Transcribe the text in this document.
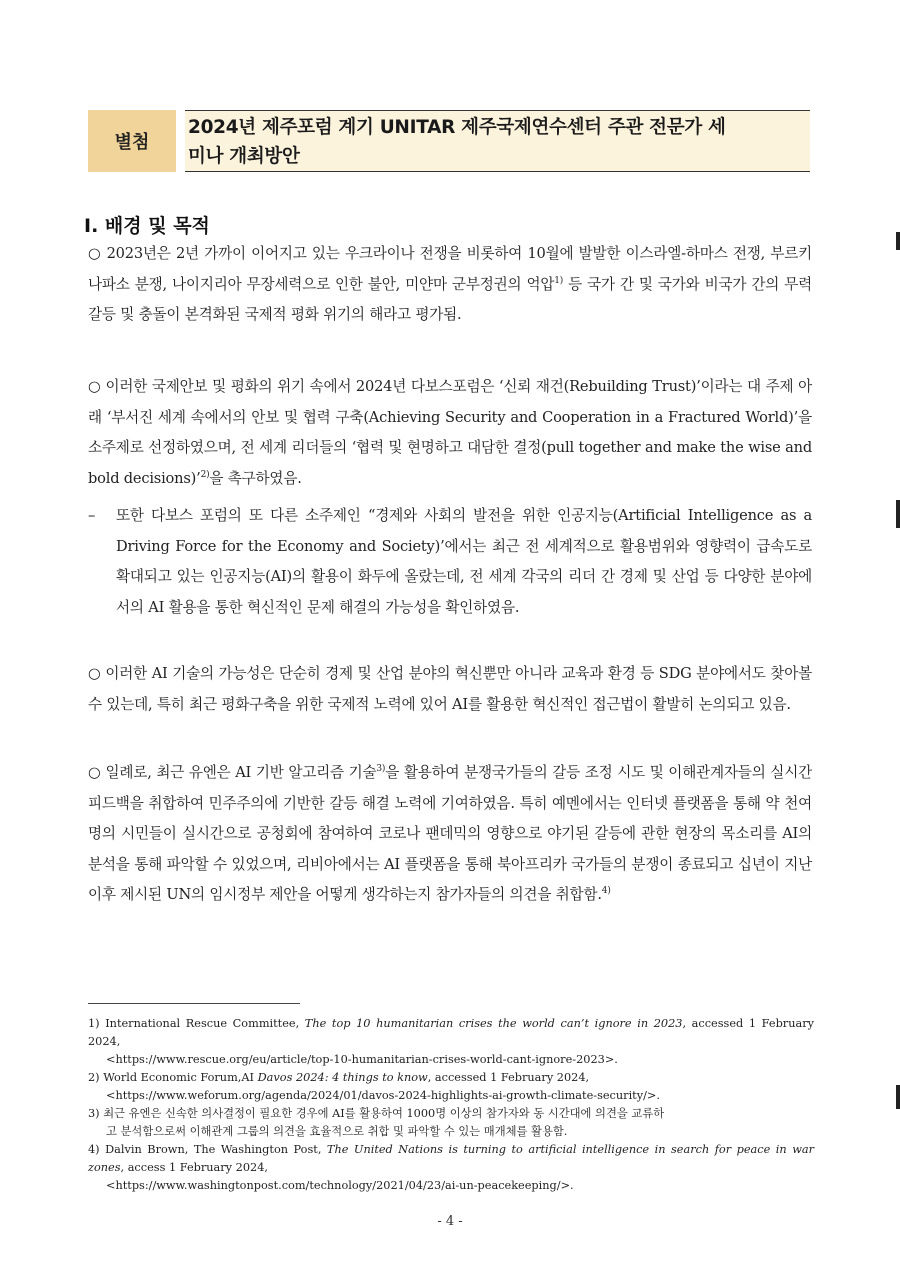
별첨
2024년 제주포럼 계기 UNITAR 제주국제연수센터 주관 전문가 세
미나 개최방안
Ⅰ. 배경 및 목적
○ 2023년은 2년 가까이 이어지고 있는 우크라이나 전쟁을 비롯하여 10월에 발발한 이스라엘-하마스 전쟁, 부르키나파소 분쟁, 나이지리아 무장세력으로 인한 불안, 미얀마 군부정권의 억압$^{1)}$ 등 국가 간 및 국가와 비국가 간의 무력 갈등 및 충돌이 본격화된 국제적 평화 위기의 해라고 평가됨.
○ 이러한 국제안보 및 평화의 위기 속에서 2024년 다보스포럼은 ‘신뢰 재건(Rebuilding Trust)’이라는 대 주제 아래 ‘부서진 세계 속에서의 안보 및 협력 구축(Achieving Security and Cooperation in a Fractured World)’을 소주제로 선정하였으며, 전 세계 리더들의 ‘협력 및 현명하고 대담한 결정(pull together and make the wise and bold decisions)’$^{2)}$을 촉구하였음.
– 또한 다보스 포럼의 또 다른 소주제인 “경제와 사회의 발전을 위한 인공지능(Artificial Intelligence as a Driving Force for the Economy and Society)’에서는 최근 전 세계적으로 활용범위와 영향력이 급속도로 확대되고 있는 인공지능(AI)의 활용이 화두에 올랐는데, 전 세계 각국의 리더 간 경제 및 산업 등 다양한 분야에서의 AI 활용을 통한 혁신적인 문제 해결의 가능성을 확인하였음.
○ 이러한 AI 기술의 가능성은 단순히 경제 및 산업 분야의 혁신뿐만 아니라 교육과 환경 등 SDG 분야에서도 찾아볼 수 있는데, 특히 최근 평화구축을 위한 국제적 노력에 있어 AI를 활용한 혁신적인 접근법이 활발히 논의되고 있음.
○ 일례로, 최근 유엔은 AI 기반 알고리즘 기술$^{3)}$을 활용하여 분쟁국가들의 갈등 조정 시도 및 이해관계자들의 실시간 피드백을 취합하여 민주주의에 기반한 갈등 해결 노력에 기여하였음. 특히 예멘에서는 인터넷 플랫폼을 통해 약 천여 명의 시민들이 실시간으로 공청회에 참여하여 코로나 팬데믹의 영향으로 야기된 갈등에 관한 현장의 목소리를 AI의 분석을 통해 파악할 수 있었으며, 리비아에서는 AI 플랫폼을 통해 북아프리카 국가들의 분쟁이 종료되고 십년이 지난 이후 제시된 UN의 임시정부 제안을 어떻게 생각하는지 참가자들의 의견을 취합함.$^{4)}$
1) International Rescue Committee, The top 10 humanitarian crises the world can’t ignore in 2023, accessed 1 February 2024,
<https://www.rescue.org/eu/article/top-10-humanitarian-crises-world-cant-ignore-2023>.
2) World Economic Forum,AI Davos 2024: 4 things to know, accessed 1 February 2024,
<https://www.weforum.org/agenda/2024/01/davos-2024-highlights-ai-growth-climate-security/>.
3) 최근 유엔은 신속한 의사결정이 필요한 경우에 AI를 활용하여 1000명 이상의 참가자와 동 시간대에 의견을 교류하
고 분석함으로써 이해관계 그룹의 의견을 효율적으로 취합 및 파악할 수 있는 매개체를 활용함.
4) Dalvin Brown, The Washington Post, The United Nations is turning to artificial intelligence in search for peace in war zones, access 1 February 2024,
<https://www.washingtonpost.com/technology/2021/04/23/ai-un-peacekeeping/>.
- 4 -
